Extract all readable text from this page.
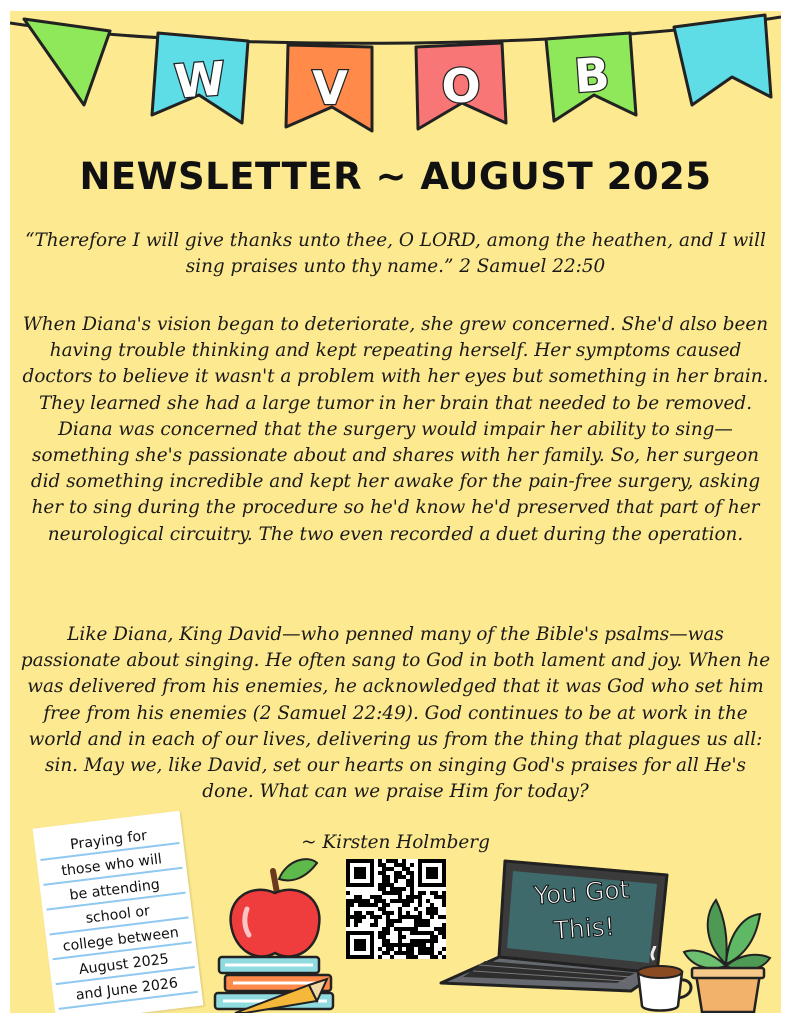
W V O B
NEWSLETTER ~ AUGUST 2025

“Therefore I will give thanks unto thee, O LORD, among the heathen, and I will sing praises unto thy name.” 2 Samuel 22:50

When Diana's vision began to deteriorate, she grew concerned. She'd also been having trouble thinking and kept repeating herself. Her symptoms caused doctors to believe it wasn't a problem with her eyes but something in her brain. They learned she had a large tumor in her brain that needed to be removed. Diana was concerned that the surgery would impair her ability to sing—something she's passionate about and shares with her family. So, her surgeon did something incredible and kept her awake for the pain-free surgery, asking her to sing during the procedure so he'd know he'd preserved that part of her neurological circuitry. The two even recorded a duet during the operation.

Like Diana, King David—who penned many of the Bible's psalms—was passionate about singing. He often sang to God in both lament and joy. When he was delivered from his enemies, he acknowledged that it was God who set him free from his enemies (2 Samuel 22:49). God continues to be at work in the world and in each of our lives, delivering us from the thing that plagues us all: sin. May we, like David, set our hearts on singing God's praises for all He's done. What can we praise Him for today?

~ Kirsten Holmberg
Praying for
those who will
be attending
school or
college between
August 2025
and June 2026
You Got
This!
